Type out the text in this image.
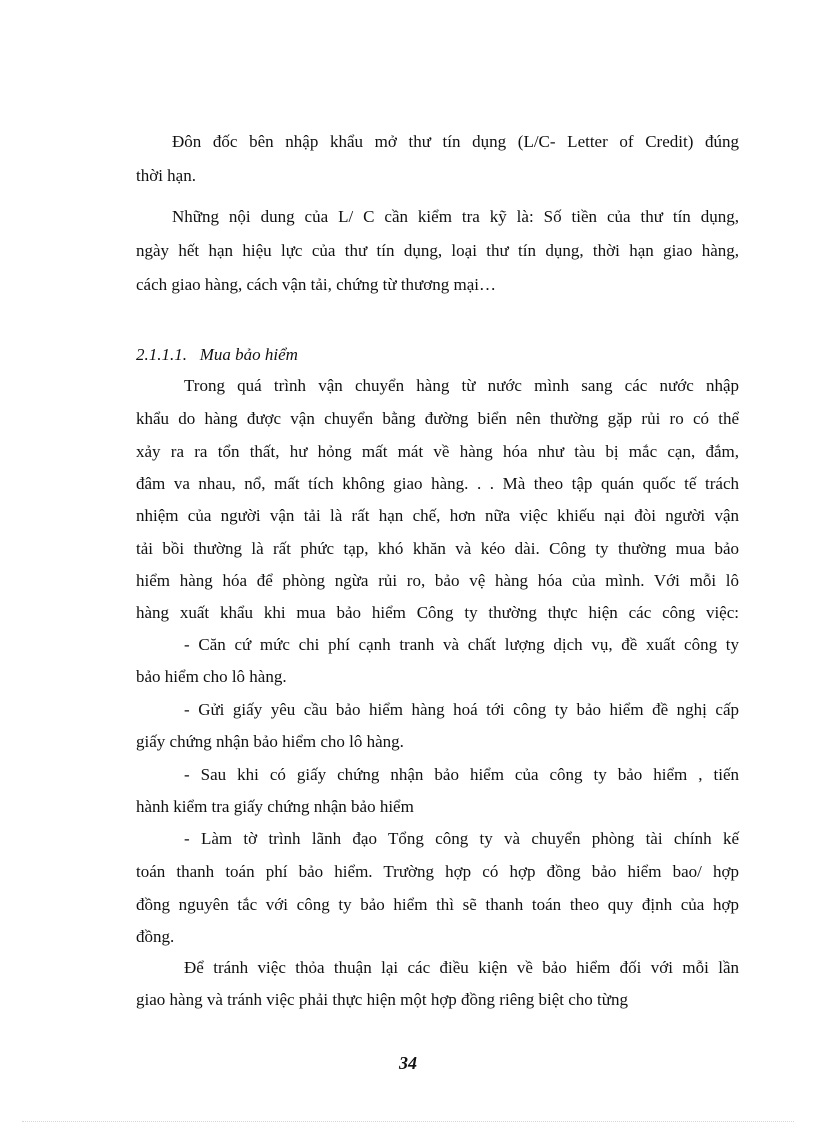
Đôn đốc bên nhập khẩu mở thư tín dụng (L/C- Letter of Credit) đúng
thời hạn.
Những nội dung của L/ C cần kiểm tra kỹ là: Số tiền của thư tín dụng,
ngày hết hạn hiệu lực của thư tín dụng, loại thư tín dụng, thời hạn giao hàng,
cách giao hàng, cách vận tải, chứng từ thương mại…
2.1.1.1.   Mua bảo hiểm
Trong quá trình vận chuyển hàng từ nước mình sang các nước nhập
khẩu do hàng được vận chuyển bằng đường biển nên thường gặp rủi ro có thể
xảy ra ra tổn thất, hư hỏng mất mát về hàng hóa như tàu bị mắc cạn, đắm,
đâm va nhau, nổ, mất tích không giao hàng. . . Mà theo tập quán quốc tế trách
nhiệm của người vận tải là rất hạn chế, hơn nữa việc khiếu nại đòi người vận
tải bồi thường là rất phức tạp, khó khăn và kéo dài. Công ty thường mua bảo
hiểm hàng hóa để phòng ngừa rủi ro, bảo vệ hàng hóa của mình. Với mỗi lô
hàng xuất khẩu khi mua bảo hiểm Công ty thường thực hiện các công việc:
- Căn cứ mức chi phí cạnh tranh và chất lượng dịch vụ, đề xuất công ty
bảo hiểm cho lô hàng.
- Gửi giấy yêu cầu bảo hiểm hàng hoá tới công ty bảo hiểm đề nghị cấp
giấy chứng nhận bảo hiểm cho lô hàng.
- Sau khi có giấy chứng nhận bảo hiểm của công ty bảo hiểm , tiến
hành kiểm tra giấy chứng nhận bảo hiểm
- Làm tờ trình lãnh đạo Tổng công ty và chuyển phòng tài chính kế
toán thanh toán phí bảo hiểm. Trường hợp có hợp đồng bảo hiểm bao/ hợp
đồng nguyên tắc với công ty bảo hiểm thì sẽ thanh toán theo quy định của hợp
đồng.
Để tránh việc thỏa thuận lại các điều kiện về bảo hiểm đối với mỗi lần
giao hàng và tránh việc phải thực hiện một hợp đồng riêng biệt cho từng
34
